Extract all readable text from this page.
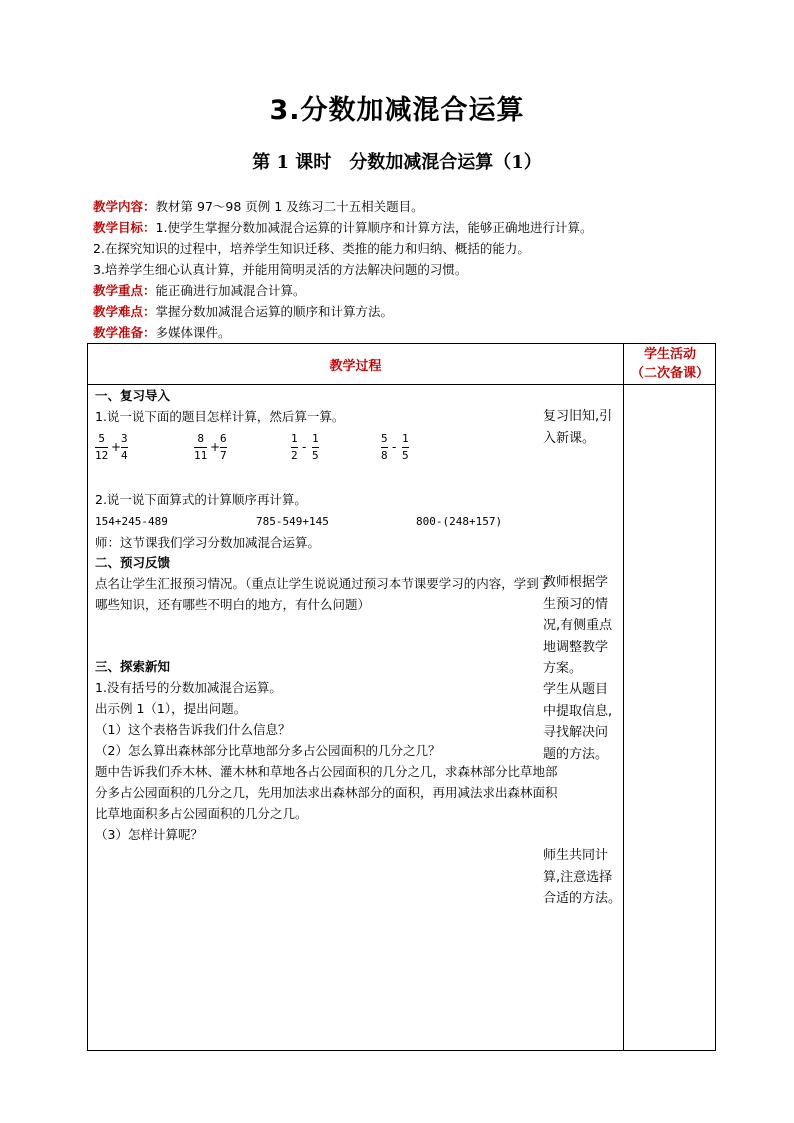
3.分数加减混合运算
第 1 课时　分数加减混合运算（1）
教学内容：教材第 97～98 页例 1 及练习二十五相关题目。
教学目标：1.使学生掌握分数加减混合运算的计算顺序和计算方法，能够正确地进行计算。
2.在探究知识的过程中，培养学生知识迁移、类推的能力和归纳、概括的能力。
3.培养学生细心认真计算，并能用简明灵活的方法解决问题的习惯。
教学重点：能正确进行加减混合计算。
教学难点：掌握分数加减混合运算的顺序和计算方法。
教学准备：多媒体课件。
教学过程
学生活动
（二次备课）
一、复习导入
1.说一说下面的题目怎样计算，然后算一算。
5
12
+
3
4
8
11
+
6
7
1
2
-
1
5
5
8
-
1
5
2.说一说下面算式的计算顺序再计算。
154+245-489	785-549+145	800-(248+157)
师：这节课我们学习分数加减混合运算。
二、预习反馈
点名让学生汇报预习情况。（重点让学生说说通过预习本节课要学习的内容，学到了
哪些知识，还有哪些不明白的地方，有什么问题）
三、探索新知
1.没有括号的分数加减混合运算。
出示例 1（1），提出问题。
（1）这个表格告诉我们什么信息？
（2）怎么算出森林部分比草地部分多占公园面积的几分之几？
题中告诉我们乔木林、灌木林和草地各占公园面积的几分之几，求森林部分比草地部
分多占公园面积的几分之几，先用加法求出森林部分的面积，再用减法求出森林面积
比草地面积多占公园面积的几分之几。
（3）怎样计算呢？
复习旧知,引
入新课。
教师根据学
生预习的情
况,有侧重点
地调整教学
方案。
学生从题目
中提取信息,
寻找解决问
题的方法。
师生共同计
算,注意选择
合适的方法。
